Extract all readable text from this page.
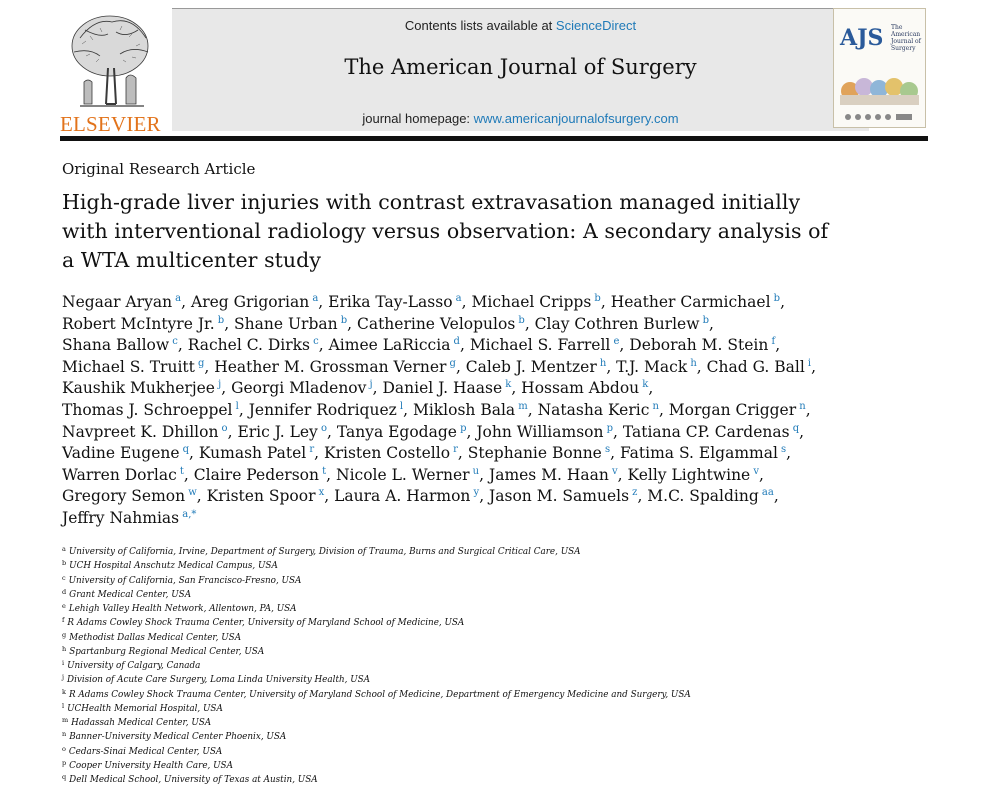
ELSEVIER
Contents lists available at ScienceDirect
The American Journal of Surgery
journal homepage: www.americanjournalofsurgery.com
AJS The
American
Journal of
Surgery
Original Research Article
High-grade liver injuries with contrast extravasation managed initially with interventional radiology versus observation: A secondary analysis of a WTA multicenter study
Negaar Aryan  $^a$, Areg Grigorian  $^a$, Erika Tay-Lasso  $^a$, Michael Cripps  $^b$, Heather Carmichael  $^b$,
Robert McIntyre Jr.  $^b$, Shane Urban  $^b$, Catherine Velopulos  $^b$, Clay Cothren Burlew  $^b$,
Shana Ballow  $^c$, Rachel C. Dirks  $^c$, Aimee LaRiccia  $^d$, Michael S. Farrell  $^e$, Deborah M. Stein  $^f$,
Michael S. Truitt  $^g$, Heather M. Grossman Verner  $^g$, Caleb J. Mentzer  $^h$, T.J. Mack  $^h$, Chad G. Ball  $^i$,
Kaushik Mukherjee  $^j$, Georgi Mladenov  $^j$, Daniel J. Haase  $^k$, Hossam Abdou  $^k$,
Thomas J. Schroeppel  $^l$, Jennifer Rodriquez  $^l$, Miklosh Bala  $^m$, Natasha Keric  $^n$, Morgan Crigger  $^n$,
Navpreet K. Dhillon  $^o$, Eric J. Ley  $^o$, Tanya Egodage  $^p$, John Williamson  $^p$, Tatiana CP. Cardenas  $^q$,
Vadine Eugene  $^q$, Kumash Patel  $^r$, Kristen Costello  $^r$, Stephanie Bonne  $^s$, Fatima S. Elgammal  $^s$,
Warren Dorlac  $^t$, Claire Pederson  $^t$, Nicole L. Werner  $^u$, James M. Haan  $^v$, Kelly Lightwine  $^v$,
Gregory Semon  $^w$, Kristen Spoor  $^x$, Laura A. Harmon  $^y$, Jason M. Samuels  $^z$, M.C. Spalding  $^{aa}$,
Jeffry Nahmias  $^{a,*}$
$^a$ University of California, Irvine, Department of Surgery, Division of Trauma, Burns and Surgical Critical Care, USA
$^b$ UCH Hospital Anschutz Medical Campus, USA
$^c$ University of California, San Francisco-Fresno, USA
$^d$ Grant Medical Center, USA
$^e$ Lehigh Valley Health Network, Allentown, PA, USA
$^f$ R Adams Cowley Shock Trauma Center, University of Maryland School of Medicine, USA
$^g$ Methodist Dallas Medical Center, USA
$^h$ Spartanburg Regional Medical Center, USA
$^i$ University of Calgary, Canada
$^j$ Division of Acute Care Surgery, Loma Linda University Health, USA
$^k$ R Adams Cowley Shock Trauma Center, University of Maryland School of Medicine, Department of Emergency Medicine and Surgery, USA
$^l$ UCHealth Memorial Hospital, USA
$^m$ Hadassah Medical Center, USA
$^n$ Banner-University Medical Center Phoenix, USA
$^o$ Cedars-Sinai Medical Center, USA
$^p$ Cooper University Health Care, USA
$^q$ Dell Medical School, University of Texas at Austin, USA
